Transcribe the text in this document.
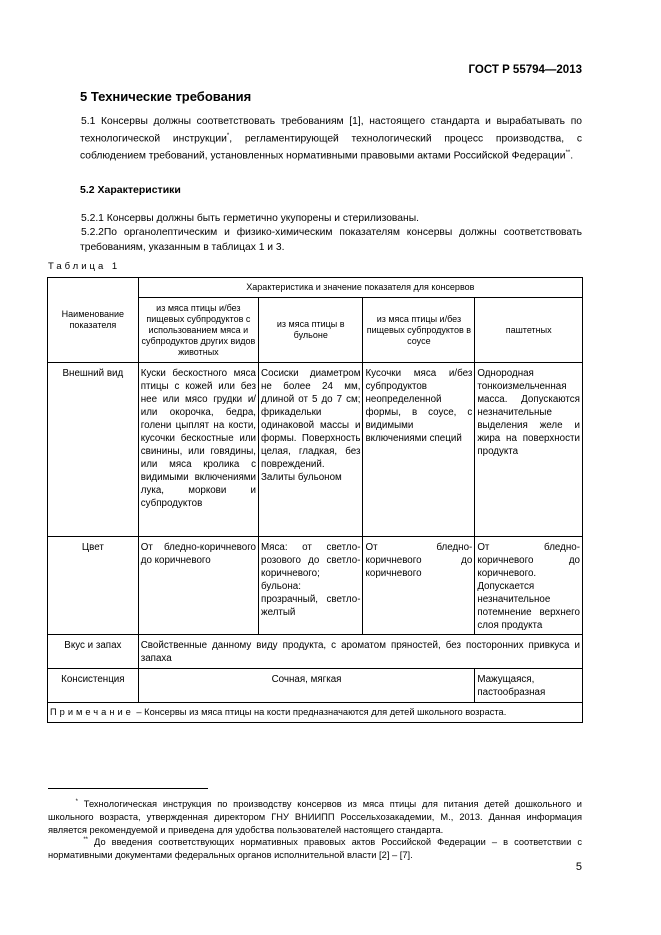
ГОСТ Р 55794—2013
5 Технические требования
5.1 Консервы должны соответствовать требованиям [1], настоящего стандарта и вырабатывать по технологической инструкции*, регламентирующей технологический процесс производства, с соблюдением требований, установленных нормативными правовыми актами Российской Федерации**.
5.2 Характеристики
5.2.1 Консервы должны быть герметично укупорены и стерилизованы.
5.2.2По органолептическим и физико-химическим показателям консервы должны соответствовать требованиям, указанным в таблицах 1 и 3.
Таблица 1
Наименование показателя	Характеристика и значение показателя для консервов			
	из мяса птицы и/без пищевых субпродуктов с использованием мяса и субпродуктов других видов животных	из мяса птицы в бульоне	из мяса птицы и/без пищевых субпродуктов в соусе	паштетных
Внешний вид	Куски бескостного мяса птицы с кожей или без нее или мясо грудки и/или окорочка, бедра, голени цыплят на кости, кусочки бескостные или свинины, или говядины, или мяса кролика с видимыми включениями лука, моркови и субпродуктов	Сосиски диаметром не более 24 мм, длиной от 5 до 7 см; фрикадельки одинаковой массы и формы. Поверхность целая, гладкая, без повреждений. Залиты бульоном	Кусочки мяса и/без субпродуктов неопределенной формы, в соусе, с видимыми включениями специй	Однородная тонкоизмельченная масса. Допускаются незначительные выделения желе и жира на поверхности продукта
Цвет	От бледно-коричневого до коричневого	Мяса: от светло-розового до светло-коричневого; бульона: прозрачный, светло-желтый	От бледно-коричневого до коричневого	От бледно-коричневого до коричневого. Допускается незначительное потемнение верхнего слоя продукта
Вкус и запах	Свойственные данному виду продукта, с ароматом пряностей, без посторонних привкуса и запаха			
Консистенция	Сочная, мягкая			Мажущаяся, пастообразная
Примечание – Консервы из мяса птицы на кости предназначаются для детей школьного возраста.				
* Технологическая инструкция по производству консервов из мяса птицы для питания детей дошкольного и школьного возраста, утвержденная директором ГНУ ВНИИПП Россельхозакадемии, М., 2013. Данная информация является рекомендуемой и приведена для удобства пользователей настоящего стандарта.
** До введения соответствующих нормативных правовых актов Российской Федерации – в соответствии с нормативными документами федеральных органов исполнительной власти [2] – [7].
5
